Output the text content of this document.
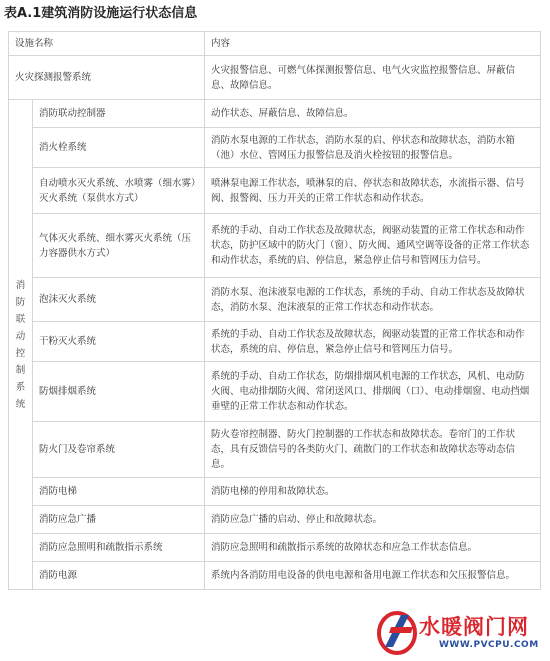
表A.1建筑消防设施运行状态信息
设施名称		内容
火灾探测报警系统		火灾报警信息、可燃气体探测报警信息、电气火灾监控报警信息、屏蔽信息、故障信息。
消防联动控制系统	消防联动控制器	动作状态、屏蔽信息、故障信息。
	消火栓系统	消防水泵电源的工作状态，消防水泵的启、停状态和故障状态，消防水箱（池）水位、管网压力报警信息及消火栓按钮的报警信息。
	自动喷水灭火系统、水喷雾（细水雾）灭火系统（泵供水方式）	喷淋泵电源工作状态，喷淋泵的启、停状态和故障状态，水流指示器、信号阀、报警阀、压力开关的正常工作状态和动作状态。
	气体灭火系统、细水雾灭火系统（压力容器供水方式）	系统的手动、自动工作状态及故障状态，阀驱动装置的正常工作状态和动作状态，防护区域中的防火门（窗）、防火阀、通风空调等设备的正常工作状态和动作状态，系统的启、停信息，紧急停止信号和管网压力信号。
	泡沫灭火系统	消防水泵、泡沫液泵电源的工作状态，系统的手动、自动工作状态及故障状态，消防水泵、泡沫液泵的正常工作状态和动作状态。
	干粉灭火系统	系统的手动、自动工作状态及故障状态，阀驱动装置的正常工作状态和动作状态，系统的启、停信息，紧急停止信号和管网压力信号。
	防烟排烟系统	系统的手动、自动工作状态，防烟排烟风机电源的工作状态，风机、电动防火阀、电动排烟防火阀、常闭送风口、排烟阀（口）、电动排烟窗、电动挡烟垂壁的正常工作状态和动作状态。
	防火门及卷帘系统	防火卷帘控制器、防火门控制器的工作状态和故障状态。卷帘门的工作状态，具有反馈信号的各类防火门、疏散门的工作状态和故障状态等动态信息。
	消防电梯	消防电梯的停用和故障状态。
	消防应急广播	消防应急广播的启动、停止和故障状态。
	消防应急照明和疏散指示系统	消防应急照明和疏散指示系统的故障状态和应急工作状态信息。
	消防电源	系统内各消防用电设备的供电电源和备用电源工作状态和欠压报警信息。
水暖阀门网
WWW.PVCPU.COM
